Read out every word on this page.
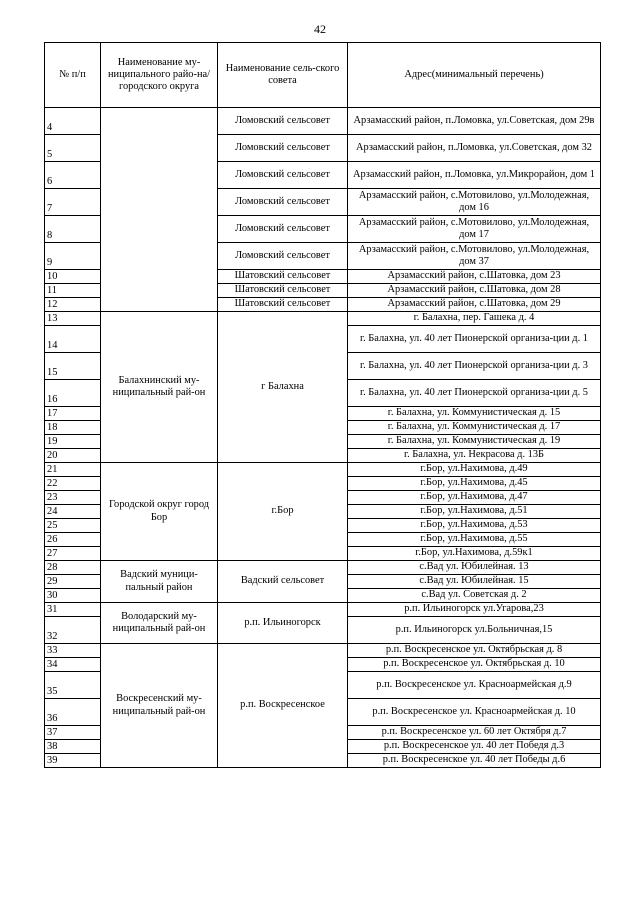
42
№ п/п	Наименование му-ниципального райо-на/ городского округа	Наименование сель-ского совета	Адрес(минимальный перечень)
4		Ломовский сельсовет	Арзамасский район, п.Ломовка, ул.Советская, дом 29в
5		Ломовский сельсовет	Арзамасский район, п.Ломовка, ул.Советская, дом 32
6		Ломовский сельсовет	Арзамасский район, п.Ломовка, ул.Микрорайон, дом 1
7		Ломовский сельсовет	Арзамасский район, с.Мотовилово, ул.Молодежная, дом 16
8		Ломовский сельсовет	Арзамасский район, с.Мотовилово, ул.Молодежная, дом 17
9		Ломовский сельсовет	Арзамасский район, с.Мотовилово, ул.Молодежная, дом 37
10		Шатовский сельсовет	Арзамасский район, с.Шатовка, дом 23
11		Шатовский сельсовет	Арзамасский район, с.Шатовка, дом 28
12		Шатовский сельсовет	Арзамасский район, с.Шатовка, дом 29
13	Балахнинский му-ниципальный рай-он	г Балахна	г. Балахна, пер. Гашека д. 4
14			г. Балахна, ул. 40 лет Пионерской организа-ции д. 1
15			г. Балахна, ул. 40 лет Пионерской организа-ции д. 3
16			г. Балахна, ул. 40 лет Пионерской организа-ции д. 5
17			г. Балахна, ул. Коммунистическая д. 15
18			г. Балахна, ул. Коммунистическая д. 17
19			г. Балахна, ул. Коммунистическая д. 19
20			г. Балахна, ул. Некрасова д. 13Б
21	Городской округ город Бор	г.Бор	г.Бор, ул.Нахимова, д.49
22			г.Бор, ул.Нахимова, д.45
23			г.Бор, ул.Нахимова, д.47
24			г.Бор, ул.Нахимова, д.51
25			г.Бор, ул.Нахимова, д.53
26			г.Бор, ул.Нахимова, д.55
27			г.Бор, ул.Нахимова, д.59к1
28	Вадский муници-пальный район	Вадский сельсовет	с.Вад ул. Юбилейная. 13
29			с.Вад ул. Юбилейная. 15
30			с.Вад ул. Советская д. 2
31	Володарский му-ниципальный рай-он	р.п. Ильиногорск	р.п. Ильиногорск ул.Угарова,23
32			р.п. Ильиногорск ул.Больничная,15
33	Воскресенский му-ниципальный рай-он	р.п. Воскресенское	р.п. Воскресенское ул. Октябрьская д. 8
34			р.п. Воскресенское ул. Октябрьская д. 10
35			р.п. Воскресенское ул. Красноармейская д.9
36			р.п. Воскресенское ул. Красноармейская д. 10
37			р.п. Воскресенское ул. 60 лет Октября д.7
38			р.п. Воскресенское ул. 40 лет Победя д.3
39			р.п. Воскресенское ул. 40 лет Победы д.6
